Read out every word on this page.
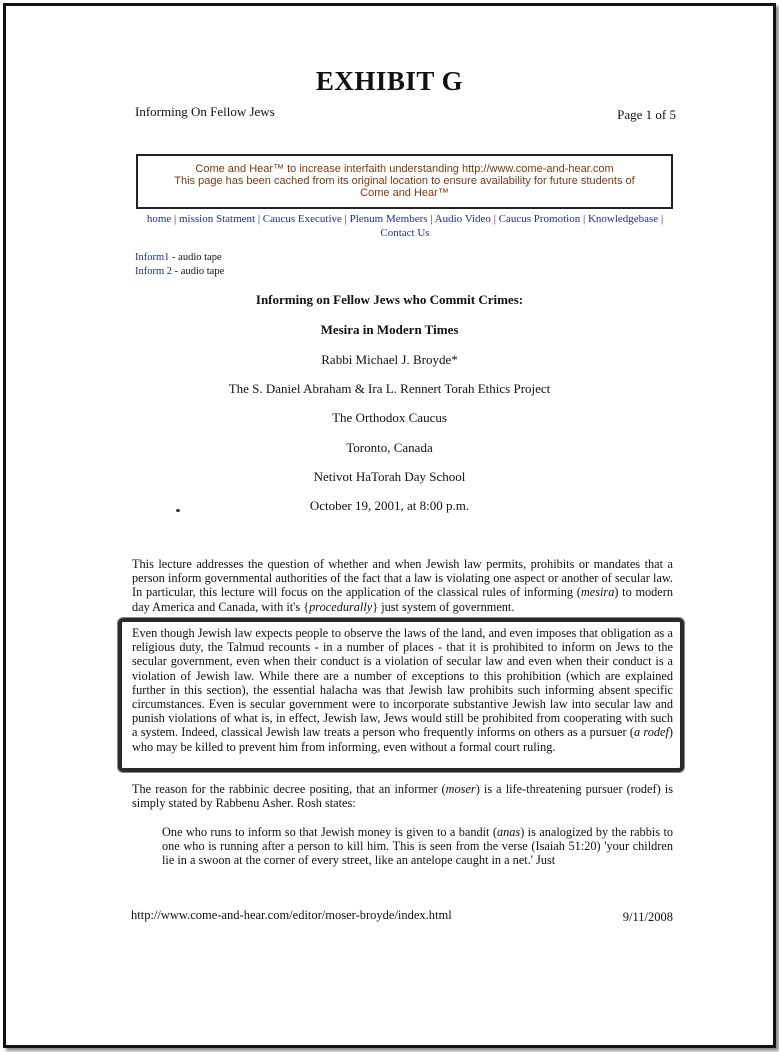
EXHIBIT G
Informing On Fellow Jews	Page 1 of 5
Come and Hear™ to increase interfaith understanding http://www.come-and-hear.com
This page has been cached from its original location to ensure availability for future students of
Come and Hear™
home | mission Statment | Caucus Executive | Plenum Members | Audio Video | Caucus Promotion | Knowledgebase | Contact Us
Inform1 - audio tape
Inform 2 - audio tape
Informing on Fellow Jews who Commit Crimes:
Mesira in Modern Times
Rabbi Michael J. Broyde*
The S. Daniel Abraham & Ira L. Rennert Torah Ethics Project
The Orthodox Caucus
Toronto, Canada
Netivot HaTorah Day School
October 19, 2001, at 8:00 p.m.
This lecture addresses the question of whether and when Jewish law permits, prohibits or mandates that a person inform governmental authorities of the fact that a law is violating one aspect or another of secular law. In particular, this lecture will focus on the application of the classical rules of informing (mesira) to modern day America and Canada, with it's {procedurally} just system of government.
Even though Jewish law expects people to observe the laws of the land, and even imposes that obligation as a religious duty, the Talmud recounts - in a number of places - that it is prohibited to inform on Jews to the secular government, even when their conduct is a violation of secular law and even when their conduct is a violation of Jewish law. While there are a number of exceptions to this prohibition (which are explained further in this section), the essential halacha was that Jewish law prohibits such informing absent specific circumstances. Even is secular government were to incorporate substantive Jewish law into secular law and punish violations of what is, in effect, Jewish law, Jews would still be prohibited from cooperating with such a system. Indeed, classical Jewish law treats a person who frequently informs on others as a pursuer (a rodef) who may be killed to prevent him from informing, even without a formal court ruling.
The reason for the rabbinic decree positing, that an informer (moser) is a life-threatening pursuer (rodef) is simply stated by Rabbenu Asher. Rosh states:
One who runs to inform so that Jewish money is given to a bandit (anas) is analogized by the rabbis to one who is running after a person to kill him. This is seen from the verse (Isaiah 51:20) 'your children lie in a swoon at the corner of every street, like an antelope caught in a net.' Just
http://www.come-and-hear.com/editor/moser-broyde/index.html	9/11/2008
